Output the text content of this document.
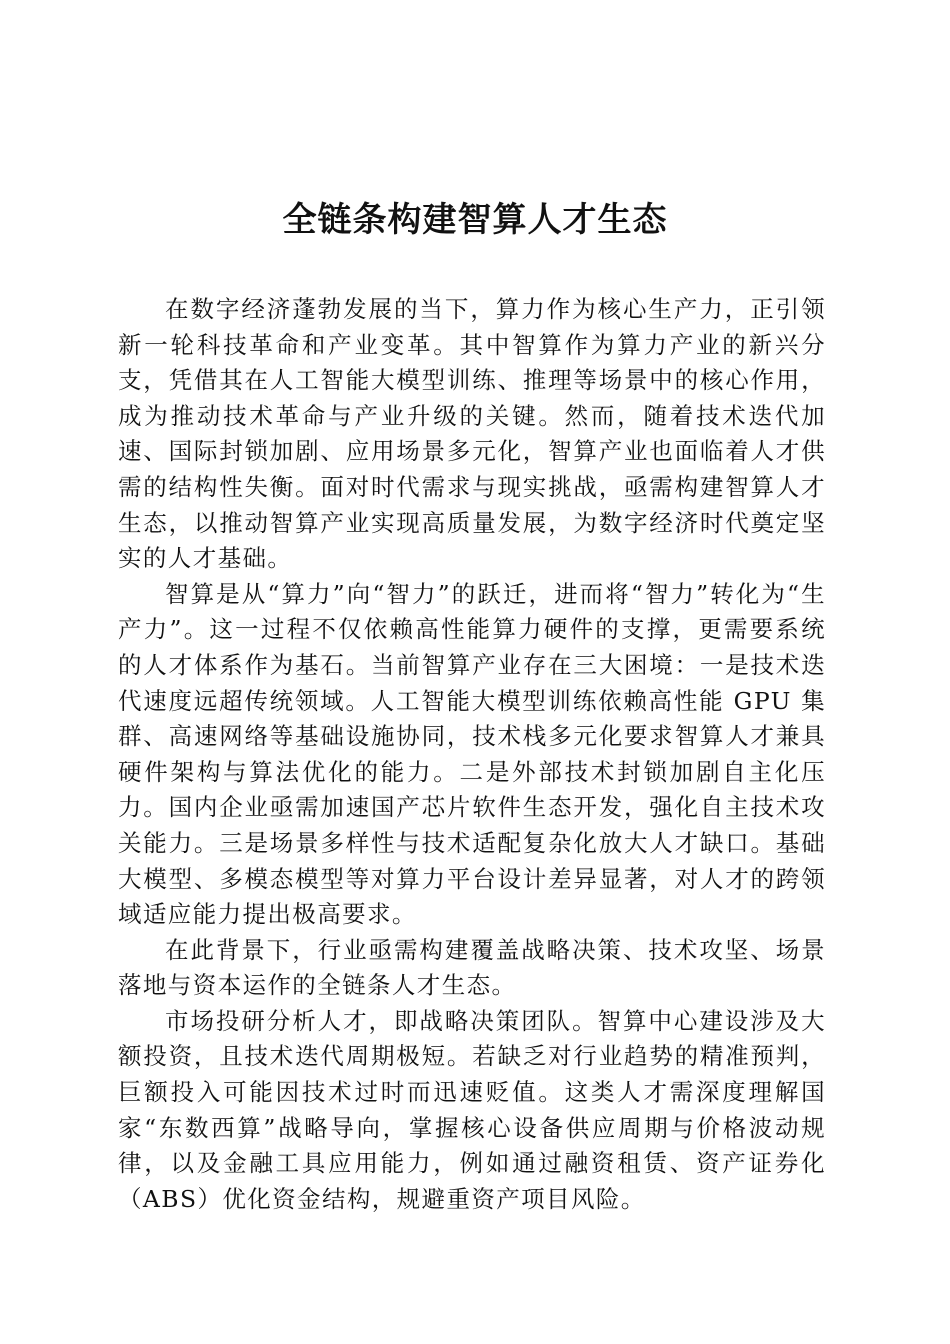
全链条构建智算人才生态

在数字经济蓬勃发展的当下，算力作为核心生产力，正引领新一轮科技革命和产业变革。其中智算作为算力产业的新兴分支，凭借其在人工智能大模型训练、推理等场景中的核心作用，成为推动技术革命与产业升级的关键。然而，随着技术迭代加速、国际封锁加剧、应用场景多元化，智算产业也面临着人才供需的结构性失衡。面对时代需求与现实挑战，亟需构建智算人才生态，以推动智算产业实现高质量发展，为数字经济时代奠定坚实的人才基础。

智算是从“算力”向“智力”的跃迁，进而将“智力”转化为“生产力”。这一过程不仅依赖高性能算力硬件的支撑，更需要系统的人才体系作为基石。当前智算产业存在三大困境：一是技术迭代速度远超传统领域。人工智能大模型训练依赖高性能 GPU 集群、高速网络等基础设施协同，技术栈多元化要求智算人才兼具硬件架构与算法优化的能力。二是外部技术封锁加剧自主化压力。国内企业亟需加速国产芯片软件生态开发，强化自主技术攻关能力。三是场景多样性与技术适配复杂化放大人才缺口。基础大模型、多模态模型等对算力平台设计差异显著，对人才的跨领域适应能力提出极高要求。

在此背景下，行业亟需构建覆盖战略决策、技术攻坚、场景落地与资本运作的全链条人才生态。

市场投研分析人才，即战略决策团队。智算中心建设涉及大额投资，且技术迭代周期极短。若缺乏对行业趋势的精准预判，巨额投入可能因技术过时而迅速贬值。这类人才需深度理解国家“东数西算”战略导向，掌握核心设备供应周期与价格波动规律，以及金融工具应用能力，例如通过融资租赁、资产证券化（ABS）优化资金结构，规避重资产项目风险。
